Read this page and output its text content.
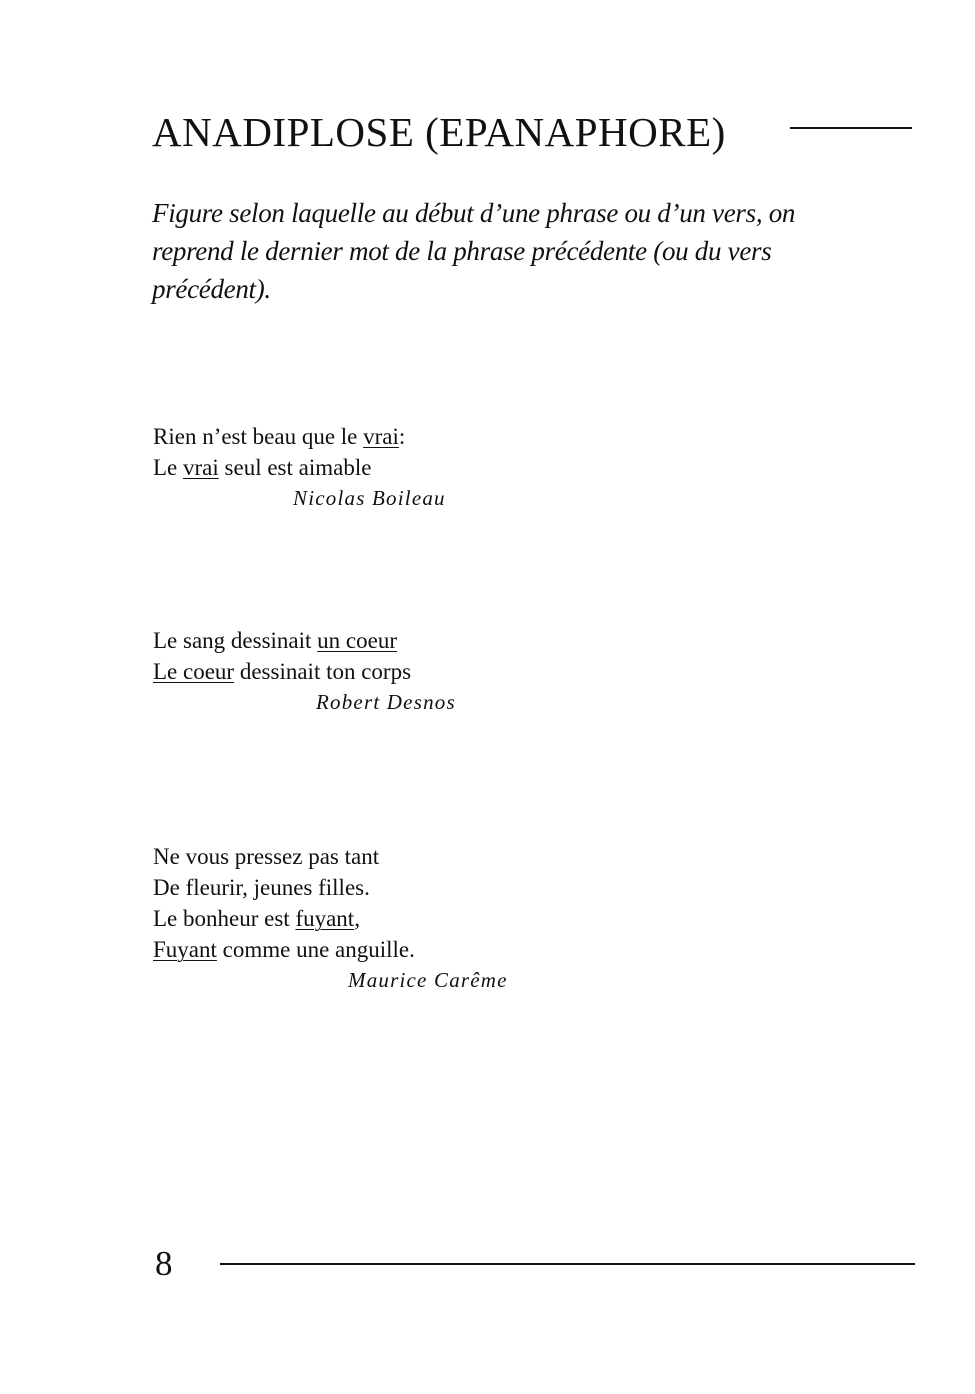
ANADIPLOSE (EPANAPHORE)
Figure selon laquelle au début d’une phrase ou d’un vers, on
reprend le dernier mot de la phrase précédente (ou du vers
précédent).
Rien n’est beau que le vrai:
Le vrai seul est aimable
Nicolas Boileau
Le sang dessinait un coeur
Le coeur dessinait ton corps
Robert Desnos
Ne vous pressez pas tant
De fleurir, jeunes filles.
Le bonheur est fuyant,
Fuyant comme une anguille.
Maurice Carême
8
